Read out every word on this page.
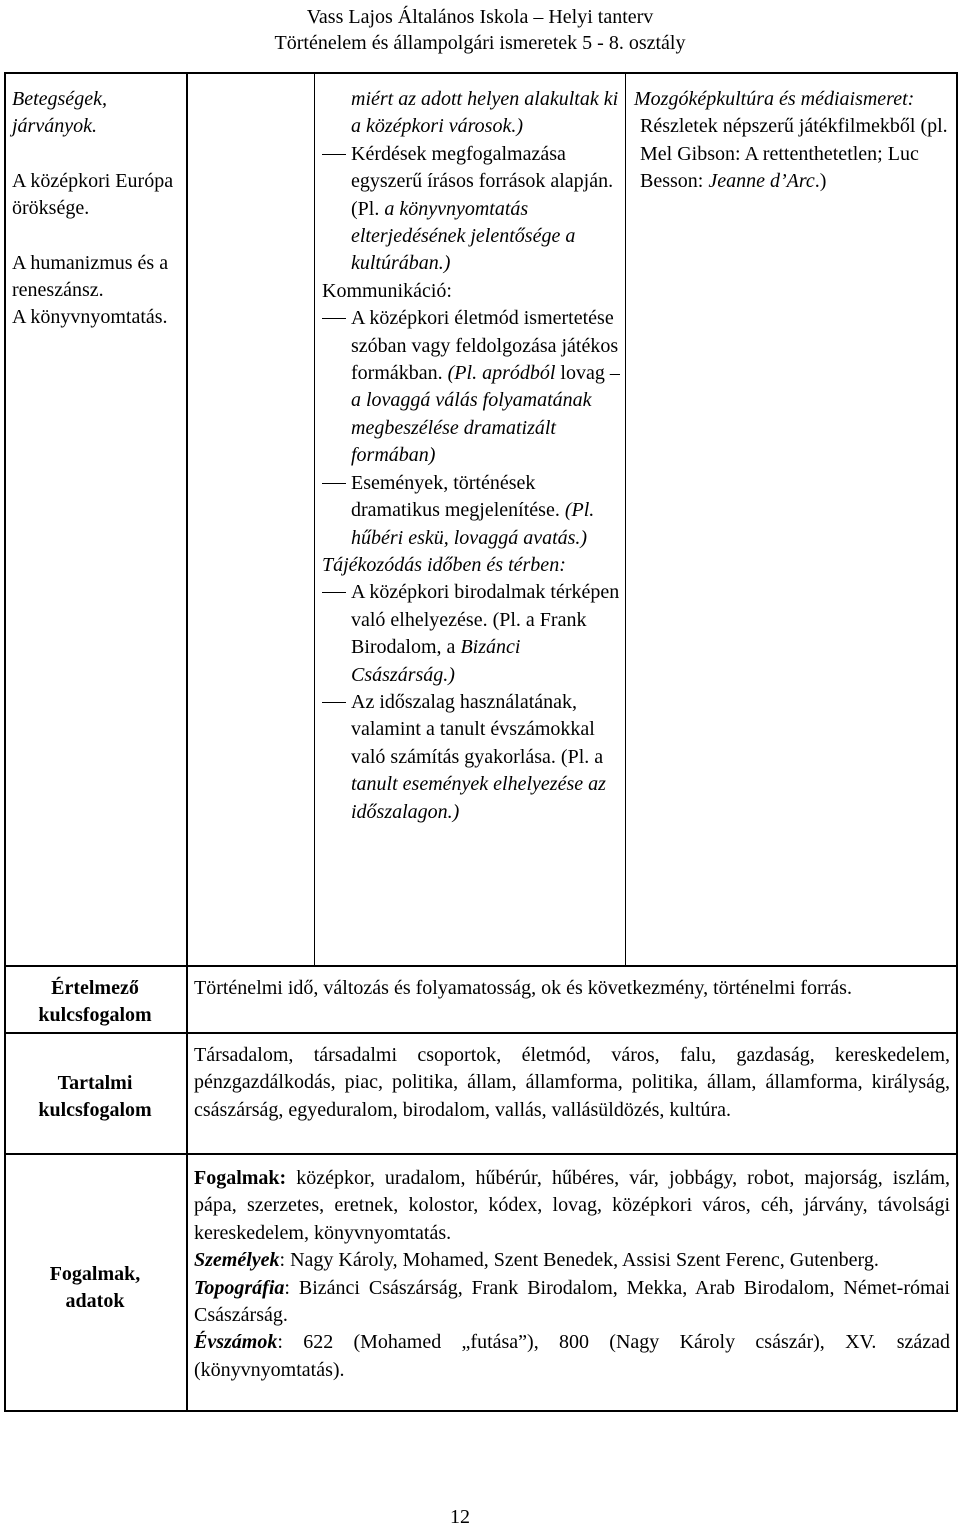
Vass Lajos Általános Iskola – Helyi tanterv
Történelem és állampolgári ismeretek 5 - 8. osztály
Betegségek, járványok.
A középkori Európa öröksége.
A humanizmus és a reneszánsz.
A könyvnyomtatás.
miért az adott helyen alakultak ki a középkori városok.)
Kérdések megfogalmazása egyszerű írásos források alapján. (Pl. a könyvnyomtatás elterjedésének jelentősége a kultúrában.)
Kommunikáció:
A középkori életmód ismertetése szóban vagy feldolgozása játékos formákban. (Pl. apródból lovag – a lovaggá válás folyamatának megbeszélése dramatizált formában)
Események, történések dramatikus megjelenítése. (Pl. hűbéri eskü, lovaggá avatás.)
Tájékozódás időben és térben:
A középkori birodalmak térképen való elhelyezése. (Pl. a Frank Birodalom, a Bizánci Császárság.)
Az időszalag használatának, valamint a tanult évszámokkal való számítás gyakorlása. (Pl. a tanult események elhelyezése az időszalagon.)
Mozgóképkultúra és médiaismeret:
Részletek népszerű játékfilmekből (pl. Mel Gibson: A rettenthetetlen; Luc Besson: Jeanne d’Arc.)
Értelmező kulcsfogalom
Történelmi idő, változás és folyamatosság, ok és következmény, történelmi forrás.
Tartalmi kulcsfogalom
Társadalom, társadalmi csoportok, életmód, város, falu, gazdaság, kereskedelem, pénzgazdálkodás, piac, politika, állam, államforma, politika, állam, államforma, királyság, császárság, egyeduralom, birodalom, vallás, vallásüldözés, kultúra.
Fogalmak, adatok
Fogalmak: középkor, uradalom, hűbérúr, hűbéres, vár, jobbágy, robot, majorság, iszlám, pápa, szerzetes, eretnek, kolostor, kódex, lovag, középkori város, céh, járvány, távolsági kereskedelem, könyvnyomtatás.
Személyek: Nagy Károly, Mohamed, Szent Benedek, Assisi Szent Ferenc, Gutenberg.
Topográfia: Bizánci Császárság, Frank Birodalom, Mekka, Arab Birodalom, Német-római Császárság.
Évszámok: 622 (Mohamed „futása”), 800 (Nagy Károly császár), XV. század (könyvnyomtatás).
12
